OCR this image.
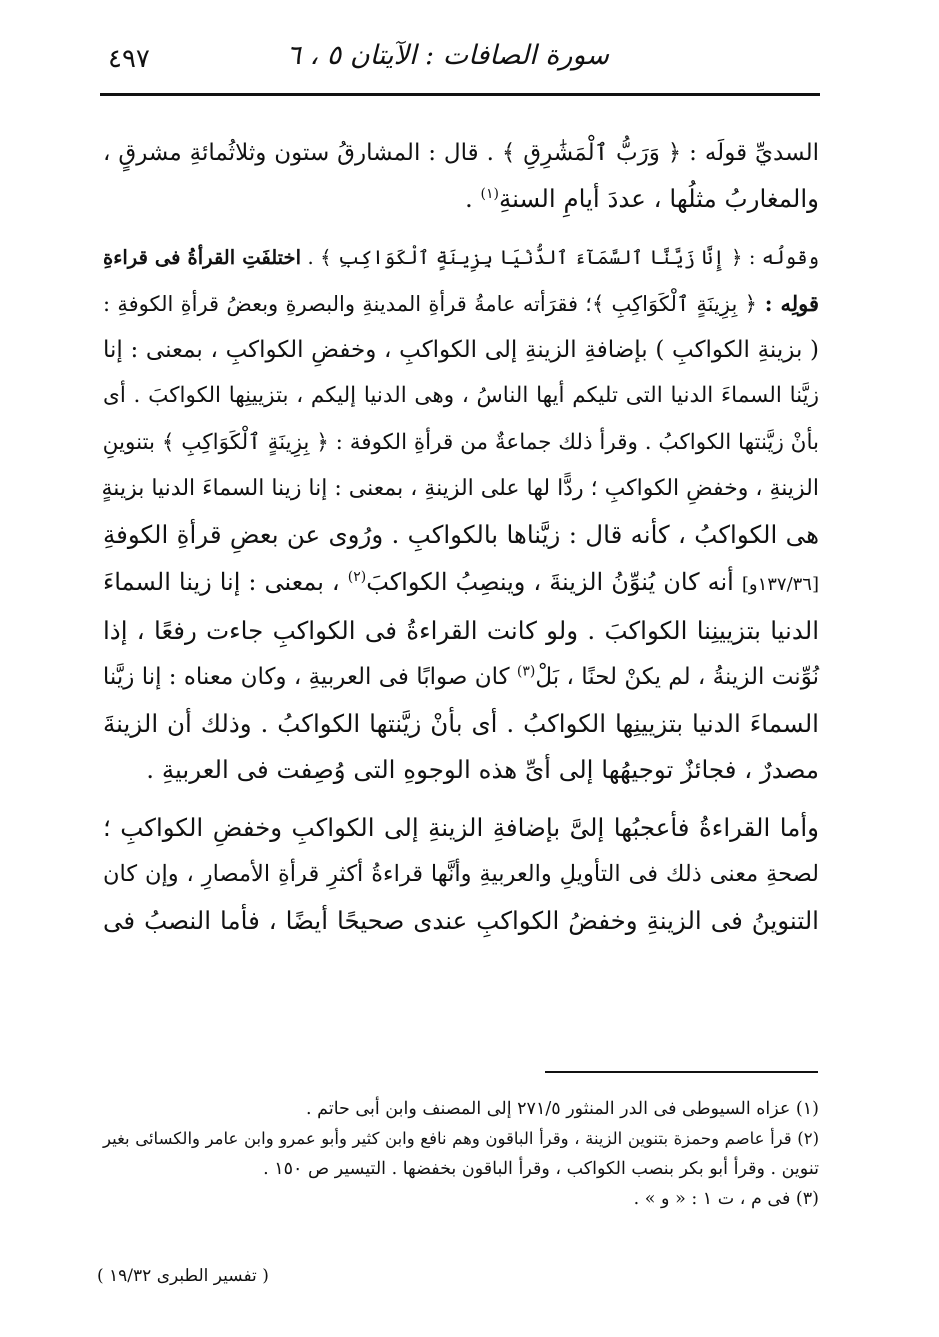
٤٩٧	سورة الصافات : الآيتان ٥ ، ٦

السديِّ قولَه : ﴿ وَرَبُّ ٱلْمَشَٰرِقِ ﴾ . قال : المشارقُ ستون وثلاثُمائةِ مشرقٍ ،
والمغاربُ مثلُها ، عددَ أيامِ السنةِ$^{(١)}$ .

وقولُه : ﴿ إِنَّا زَيَّنَّا ٱلسَّمَآءَ ٱلدُّنْيَا بِزِينَةٍ ٱلْكَوَاكِبِ ﴾ . اختلفَتِ القرأةُ فى قراءةِ
قولِه : ﴿ بِزِينَةٍ ٱلْكَوَاكِبِ ﴾؛ فقرَأته عامةُ قرأةِ المدينةِ والبصرةِ وبعضُ قرأةِ الكوفةِ :
( بزينةِ الكواكبِ ) بإضافةِ الزينةِ إلى الكواكبِ ، وخفضِ الكواكبِ ، بمعنى : إنا
زيَّنا السماءَ الدنيا التى تليكم أيها الناسُ ، وهى الدنيا إليكم ، بتزيينِها الكواكبَ . أى
بأنْ زيَّنتها الكواكبُ . وقرأ ذلك جماعةٌ من قرأةِ الكوفة : ﴿ بِزِينَةٍ ٱلْكَوَاكِبِ ﴾ بتنوينِ
الزينةِ ، وخفضِ الكواكبِ ؛ ردًّا لها على الزينةِ ، بمعنى : إنا زينا السماءَ الدنيا بزينةٍ
هى الكواكبُ ، كأنه قال : زيَّناها بالكواكبِ . ورُوى عن بعضِ قرأةِ الكوفةِ
[١٣٧/٣٦و] أنه كان يُنوِّنُ الزينةَ ، وينصِبُ الكواكبَ$^{(٢)}$ ، بمعنى : إنا زينا السماءَ
الدنيا بتزيينِنا الكواكبَ . ولو كانت القراءةُ فى الكواكبِ جاءت رفعًا ، إذا
نُوِّنت الزينةُ ، لم يكنْ لحنًا ، بَلْ$^{(٣)}$ كان صوابًا فى العربيةِ ، وكان معناه : إنا زيَّنا
السماءَ الدنيا بتزيينِها الكواكبُ . أى بأنْ زيَّنتها الكواكبُ . وذلك أن الزينةَ
مصدرٌ ، فجائزٌ توجيهُها إلى أىِّ هذه الوجوهِ التى وُصِفت فى العربيةِ .

وأما القراءةُ فأعجبُها إلىَّ بإضافةِ الزينةِ إلى الكواكبِ وخفضِ الكواكبِ ؛
لصحةِ معنى ذلك فى التأويلِ والعربيةِ وأنَّها قراءةُ أكثرِ قرأةِ الأمصارِ ، وإن كان
التنوينُ فى الزينةِ وخفضُ الكواكبِ عندى صحيحًا أيضًا ، فأما النصبُ فى

(١) عزاه السيوطى فى الدر المنثور ٢٧١/٥ إلى المصنف وابن أبى حاتم .
(٢) قرأ عاصم وحمزة بتنوين الزينة ، وقرأ الباقون وهم نافع وابن كثير وأبو عمرو وابن عامر والكسائى بغير
تنوين . وقرأ أبو بكر بنصب الكواكب ، وقرأ الباقون بخفضها . التيسير ص ١٥٠ .
(٣) فى م ، ت ١ : « و » .
( تفسير الطبرى ١٩/٣٢ )
